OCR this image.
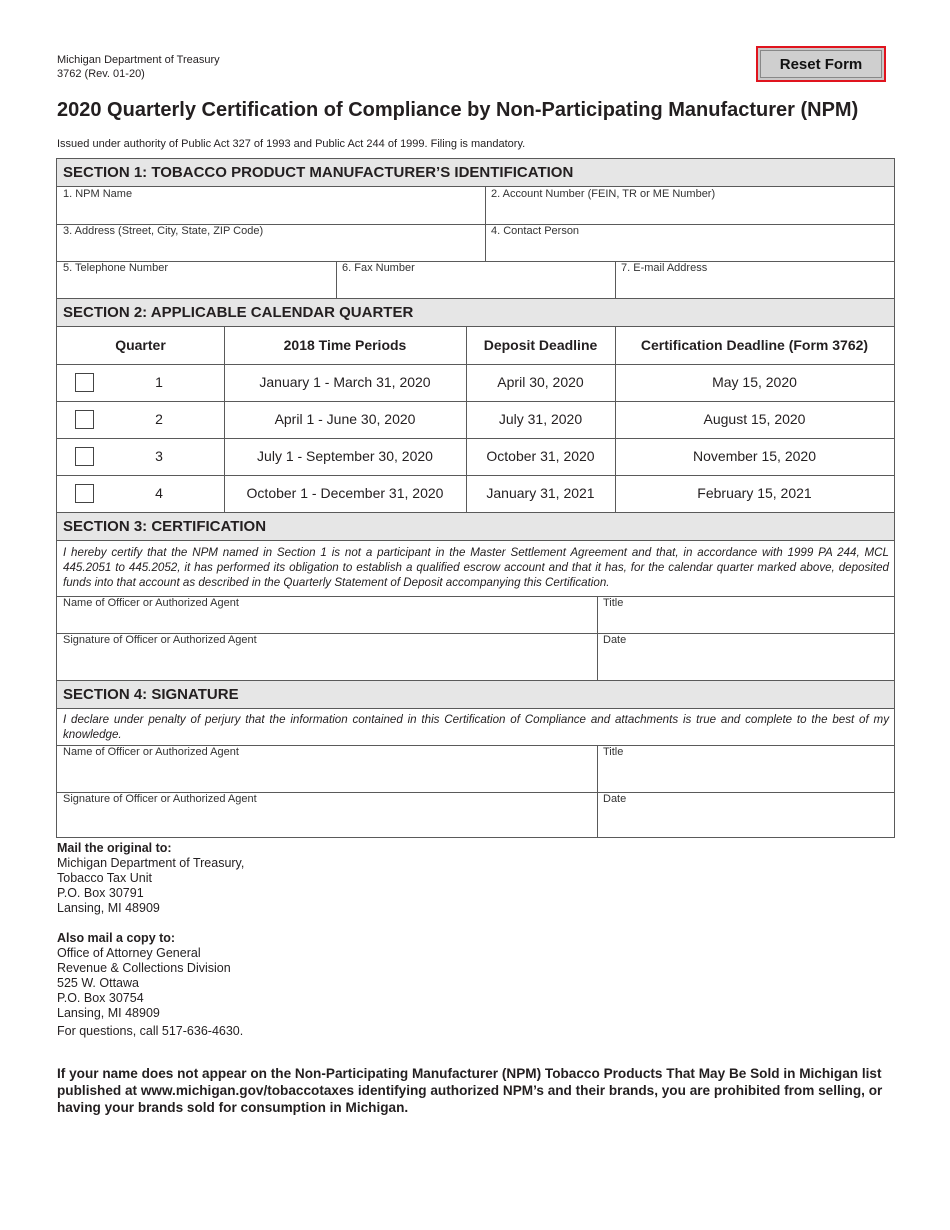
Michigan Department of Treasury
3762 (Rev. 01-20)
Reset Form
2020 Quarterly Certification of Compliance by Non-Participating Manufacturer (NPM)
Issued under authority of Public Act 327 of 1993 and Public Act 244 of 1999. Filing is mandatory.
SECTION 1: TOBACCO PRODUCT MANUFACTURER’S IDENTIFICATION
1. NPM Name	2. Account Number (FEIN, TR or ME Number)
3. Address (Street, City, State, ZIP Code)	4. Contact Person
5. Telephone Number	6. Fax Number	7. E-mail Address
SECTION 2: APPLICABLE CALENDAR QUARTER
Quarter	2018 Time Periods	Deposit Deadline	Certification Deadline (Form 3762)
1	January 1 - March 31, 2020	April 30, 2020	May 15, 2020
2	April 1 - June 30, 2020	July 31, 2020	August 15, 2020
3	July 1 - September 30, 2020	October 31, 2020	November 15, 2020
4	October 1 - December 31, 2020	January 31, 2021	February 15, 2021
SECTION 3: CERTIFICATION
I hereby certify that the NPM named in Section 1 is not a participant in the Master Settlement Agreement and that, in accordance with 1999 PA 244, MCL 445.2051 to 445.2052, it has performed its obligation to establish a qualified escrow account and that it has, for the calendar quarter marked above, deposited funds into that account as described in the Quarterly Statement of Deposit accompanying this Certification.
Name of Officer or Authorized Agent	Title
Signature of Officer or Authorized Agent	Date
SECTION 4: SIGNATURE
I declare under penalty of perjury that the information contained in this Certification of Compliance and attachments is true and complete to the best of my knowledge.
Name of Officer or Authorized Agent	Title
Signature of Officer or Authorized Agent	Date
Mail the original to:
Michigan Department of Treasury,
Tobacco Tax Unit
P.O. Box 30791
Lansing, MI 48909
Also mail a copy to:
Office of Attorney General
Revenue & Collections Division
525 W. Ottawa
P.O. Box 30754
Lansing, MI 48909
For questions, call 517-636-4630.
If your name does not appear on the Non-Participating Manufacturer (NPM) Tobacco Products That May Be Sold in Michigan list published at www.michigan.gov/tobaccotaxes identifying authorized NPM’s and their brands, you are prohibited from selling, or having your brands sold for consumption in Michigan.
